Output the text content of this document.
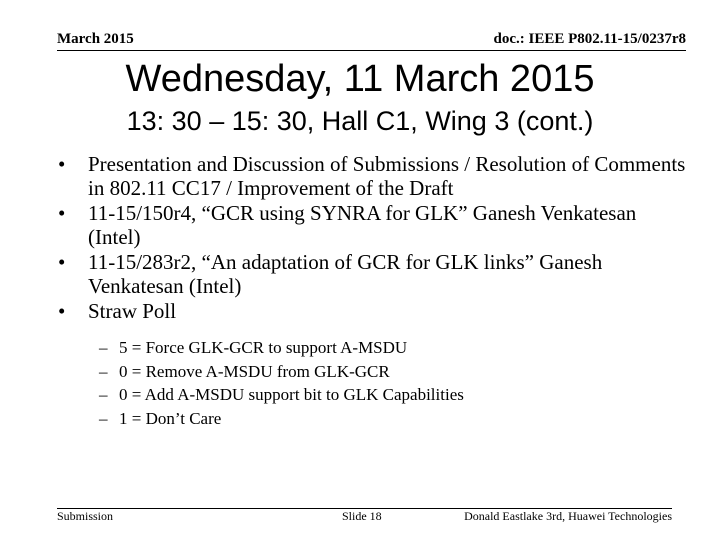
March 2015	doc.: IEEE P802.11-15/0237r8
Wednesday, 11 March 2015
13: 30 – 15: 30, Hall C1, Wing 3 (cont.)
• Presentation and Discussion of Submissions / Resolution of Comments in 802.11 CC17 / Improvement of the Draft
• 11-15/150r4, “GCR using SYNRA for GLK” Ganesh Venkatesan (Intel)
• 11-15/283r2, “An adaptation of GCR for GLK links” Ganesh Venkatesan (Intel)
• Straw Poll
– 5 = Force GLK-GCR to support A-MSDU
– 0 = Remove A-MSDU from GLK-GCR
– 0 = Add A-MSDU support bit to GLK Capabilities
– 1 = Don’t Care
Submission	Slide 18	Donald Eastlake 3rd, Huawei Technologies
